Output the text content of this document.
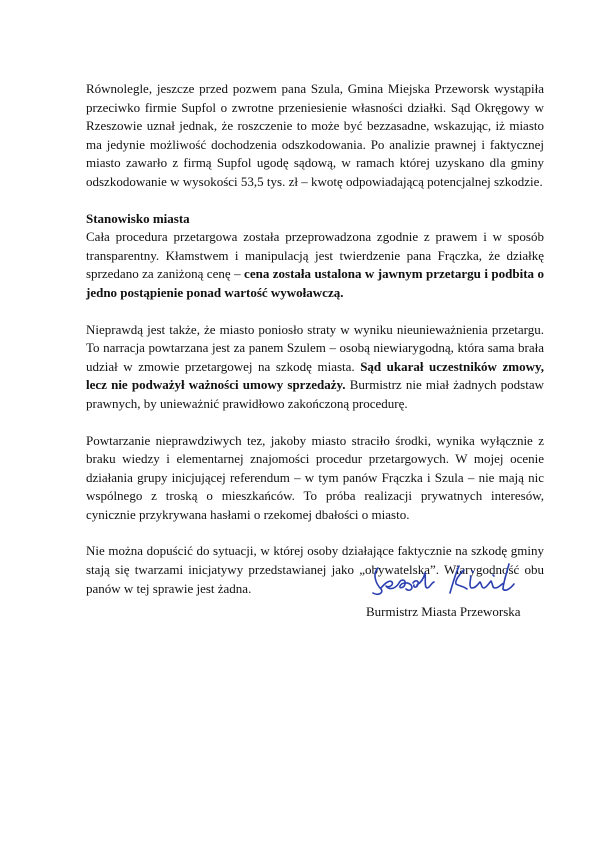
Równolegle, jeszcze przed pozwem pana Szula, Gmina Miejska Przeworsk wystąpiła przeciwko firmie Supfol o zwrotne przeniesienie własności działki. Sąd Okręgowy w Rzeszowie uznał jednak, że roszczenie to może być bezzasadne, wskazując, iż miasto ma jedynie możliwość dochodzenia odszkodowania. Po analizie prawnej i faktycznej miasto zawarło z firmą Supfol ugodę sądową, w ramach której uzyskano dla gminy odszkodowanie w wysokości 53,5 tys. zł – kwotę odpowiadającą potencjalnej szkodzie.

Stanowisko miasta
Cała procedura przetargowa została przeprowadzona zgodnie z prawem i w sposób transparentny. Kłamstwem i manipulacją jest twierdzenie pana Frączka, że działkę sprzedano za zaniżoną cenę – cena została ustalona w jawnym przetargu i podbita o jedno postąpienie ponad wartość wywoławczą.

Nieprawdą jest także, że miasto poniosło straty w wyniku nieunieważnienia przetargu. To narracja powtarzana jest za panem Szulem – osobą niewiarygodną, która sama brała udział w zmowie przetargowej na szkodę miasta. Sąd ukarał uczestników zmowy, lecz nie podważył ważności umowy sprzedaży. Burmistrz nie miał żadnych podstaw prawnych, by unieważnić prawidłowo zakończoną procedurę.

Powtarzanie nieprawdziwych tez, jakoby miasto straciło środki, wynika wyłącznie z braku wiedzy i elementarnej znajomości procedur przetargowych. W mojej ocenie działania grupy inicjującej referendum – w tym panów Frączka i Szula – nie mają nic wspólnego z troską o mieszkańców. To próba realizacji prywatnych interesów, cynicznie przykrywana hasłami o rzekomej dbałości o miasto.

Nie można dopuścić do sytuacji, w której osoby działające faktycznie na szkodę gminy stają się twarzami inicjatywy przedstawianej jako „obywatelska”. Wiarygodność obu panów w tej sprawie jest żadna.

Burmistrz Miasta Przeworska
